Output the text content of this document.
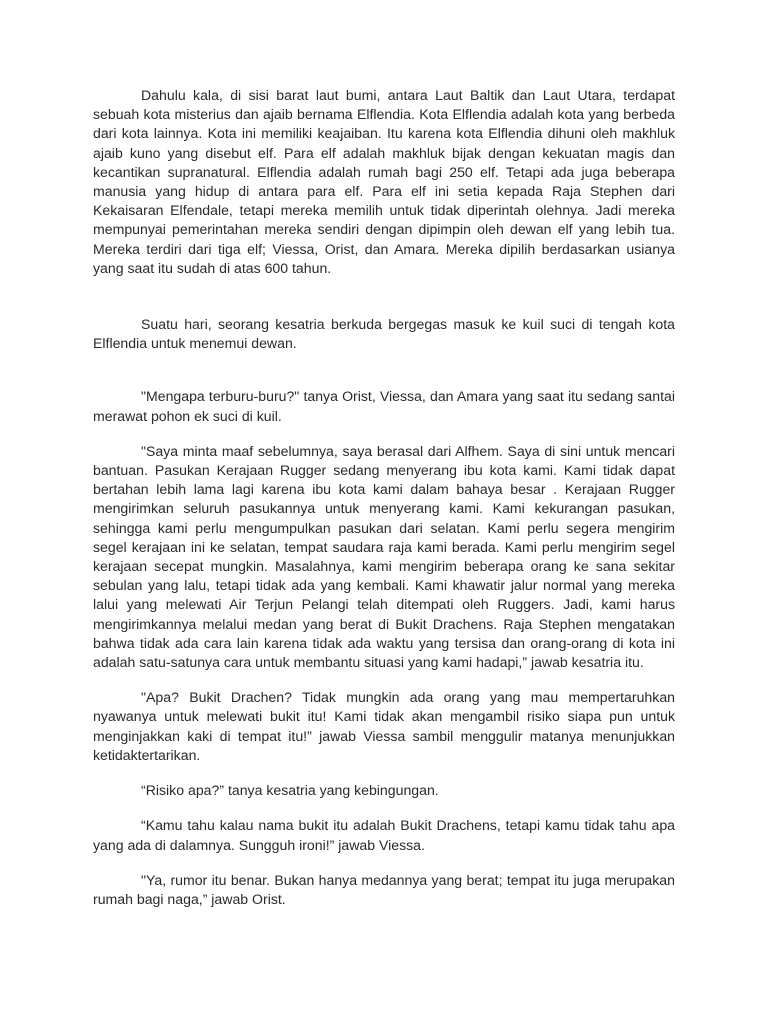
Dahulu kala, di sisi barat laut bumi, antara Laut Baltik dan Laut Utara, terdapat sebuah kota misterius dan ajaib bernama Elflendia. Kota Elflendia adalah kota yang berbeda dari kota lainnya. Kota ini memiliki keajaiban. Itu karena kota Elflendia dihuni oleh makhluk ajaib kuno yang disebut elf. Para elf adalah makhluk bijak dengan kekuatan magis dan kecantikan supranatural. Elflendia adalah rumah bagi 250 elf. Tetapi ada juga beberapa manusia yang hidup di antara para elf. Para elf ini setia kepada Raja Stephen dari Kekaisaran Elfendale, tetapi mereka memilih untuk tidak diperintah olehnya. Jadi mereka mempunyai pemerintahan mereka sendiri dengan dipimpin oleh dewan elf yang lebih tua. Mereka terdiri dari tiga elf; Viessa, Orist, dan Amara. Mereka dipilih berdasarkan usianya yang saat itu sudah di atas 600 tahun.

Suatu hari, seorang kesatria berkuda bergegas masuk ke kuil suci di tengah kota Elflendia untuk menemui dewan.

"Mengapa terburu-buru?" tanya Orist, Viessa, dan Amara yang saat itu sedang santai merawat pohon ek suci di kuil.

"Saya minta maaf sebelumnya, saya berasal dari Alfhem. Saya di sini untuk mencari bantuan. Pasukan Kerajaan Rugger sedang menyerang ibu kota kami. Kami tidak dapat bertahan lebih lama lagi karena ibu kota kami dalam bahaya besar . Kerajaan Rugger mengirimkan seluruh pasukannya untuk menyerang kami. Kami kekurangan pasukan, sehingga kami perlu mengumpulkan pasukan dari selatan. Kami perlu segera mengirim segel kerajaan ini ke selatan, tempat saudara raja kami berada. Kami perlu mengirim segel kerajaan secepat mungkin. Masalahnya, kami mengirim beberapa orang ke sana sekitar sebulan yang lalu, tetapi tidak ada yang kembali. Kami khawatir jalur normal yang mereka lalui yang melewati Air Terjun Pelangi telah ditempati oleh Ruggers. Jadi, kami harus mengirimkannya melalui medan yang berat di Bukit Drachens. Raja Stephen mengatakan bahwa tidak ada cara lain karena tidak ada waktu yang tersisa dan orang-orang di kota ini adalah satu-satunya cara untuk membantu situasi yang kami hadapi,” jawab kesatria itu.

"Apa? Bukit Drachen? Tidak mungkin ada orang yang mau mempertaruhkan nyawanya untuk melewati bukit itu! Kami tidak akan mengambil risiko siapa pun untuk menginjakkan kaki di tempat itu!” jawab Viessa sambil menggulir matanya menunjukkan ketidaktertarikan.

“Risiko apa?” tanya kesatria yang kebingungan.

“Kamu tahu kalau nama bukit itu adalah Bukit Drachens, tetapi kamu tidak tahu apa yang ada di dalamnya. Sungguh ironi!” jawab Viessa.

"Ya, rumor itu benar. Bukan hanya medannya yang berat; tempat itu juga merupakan rumah bagi naga,” jawab Orist.
